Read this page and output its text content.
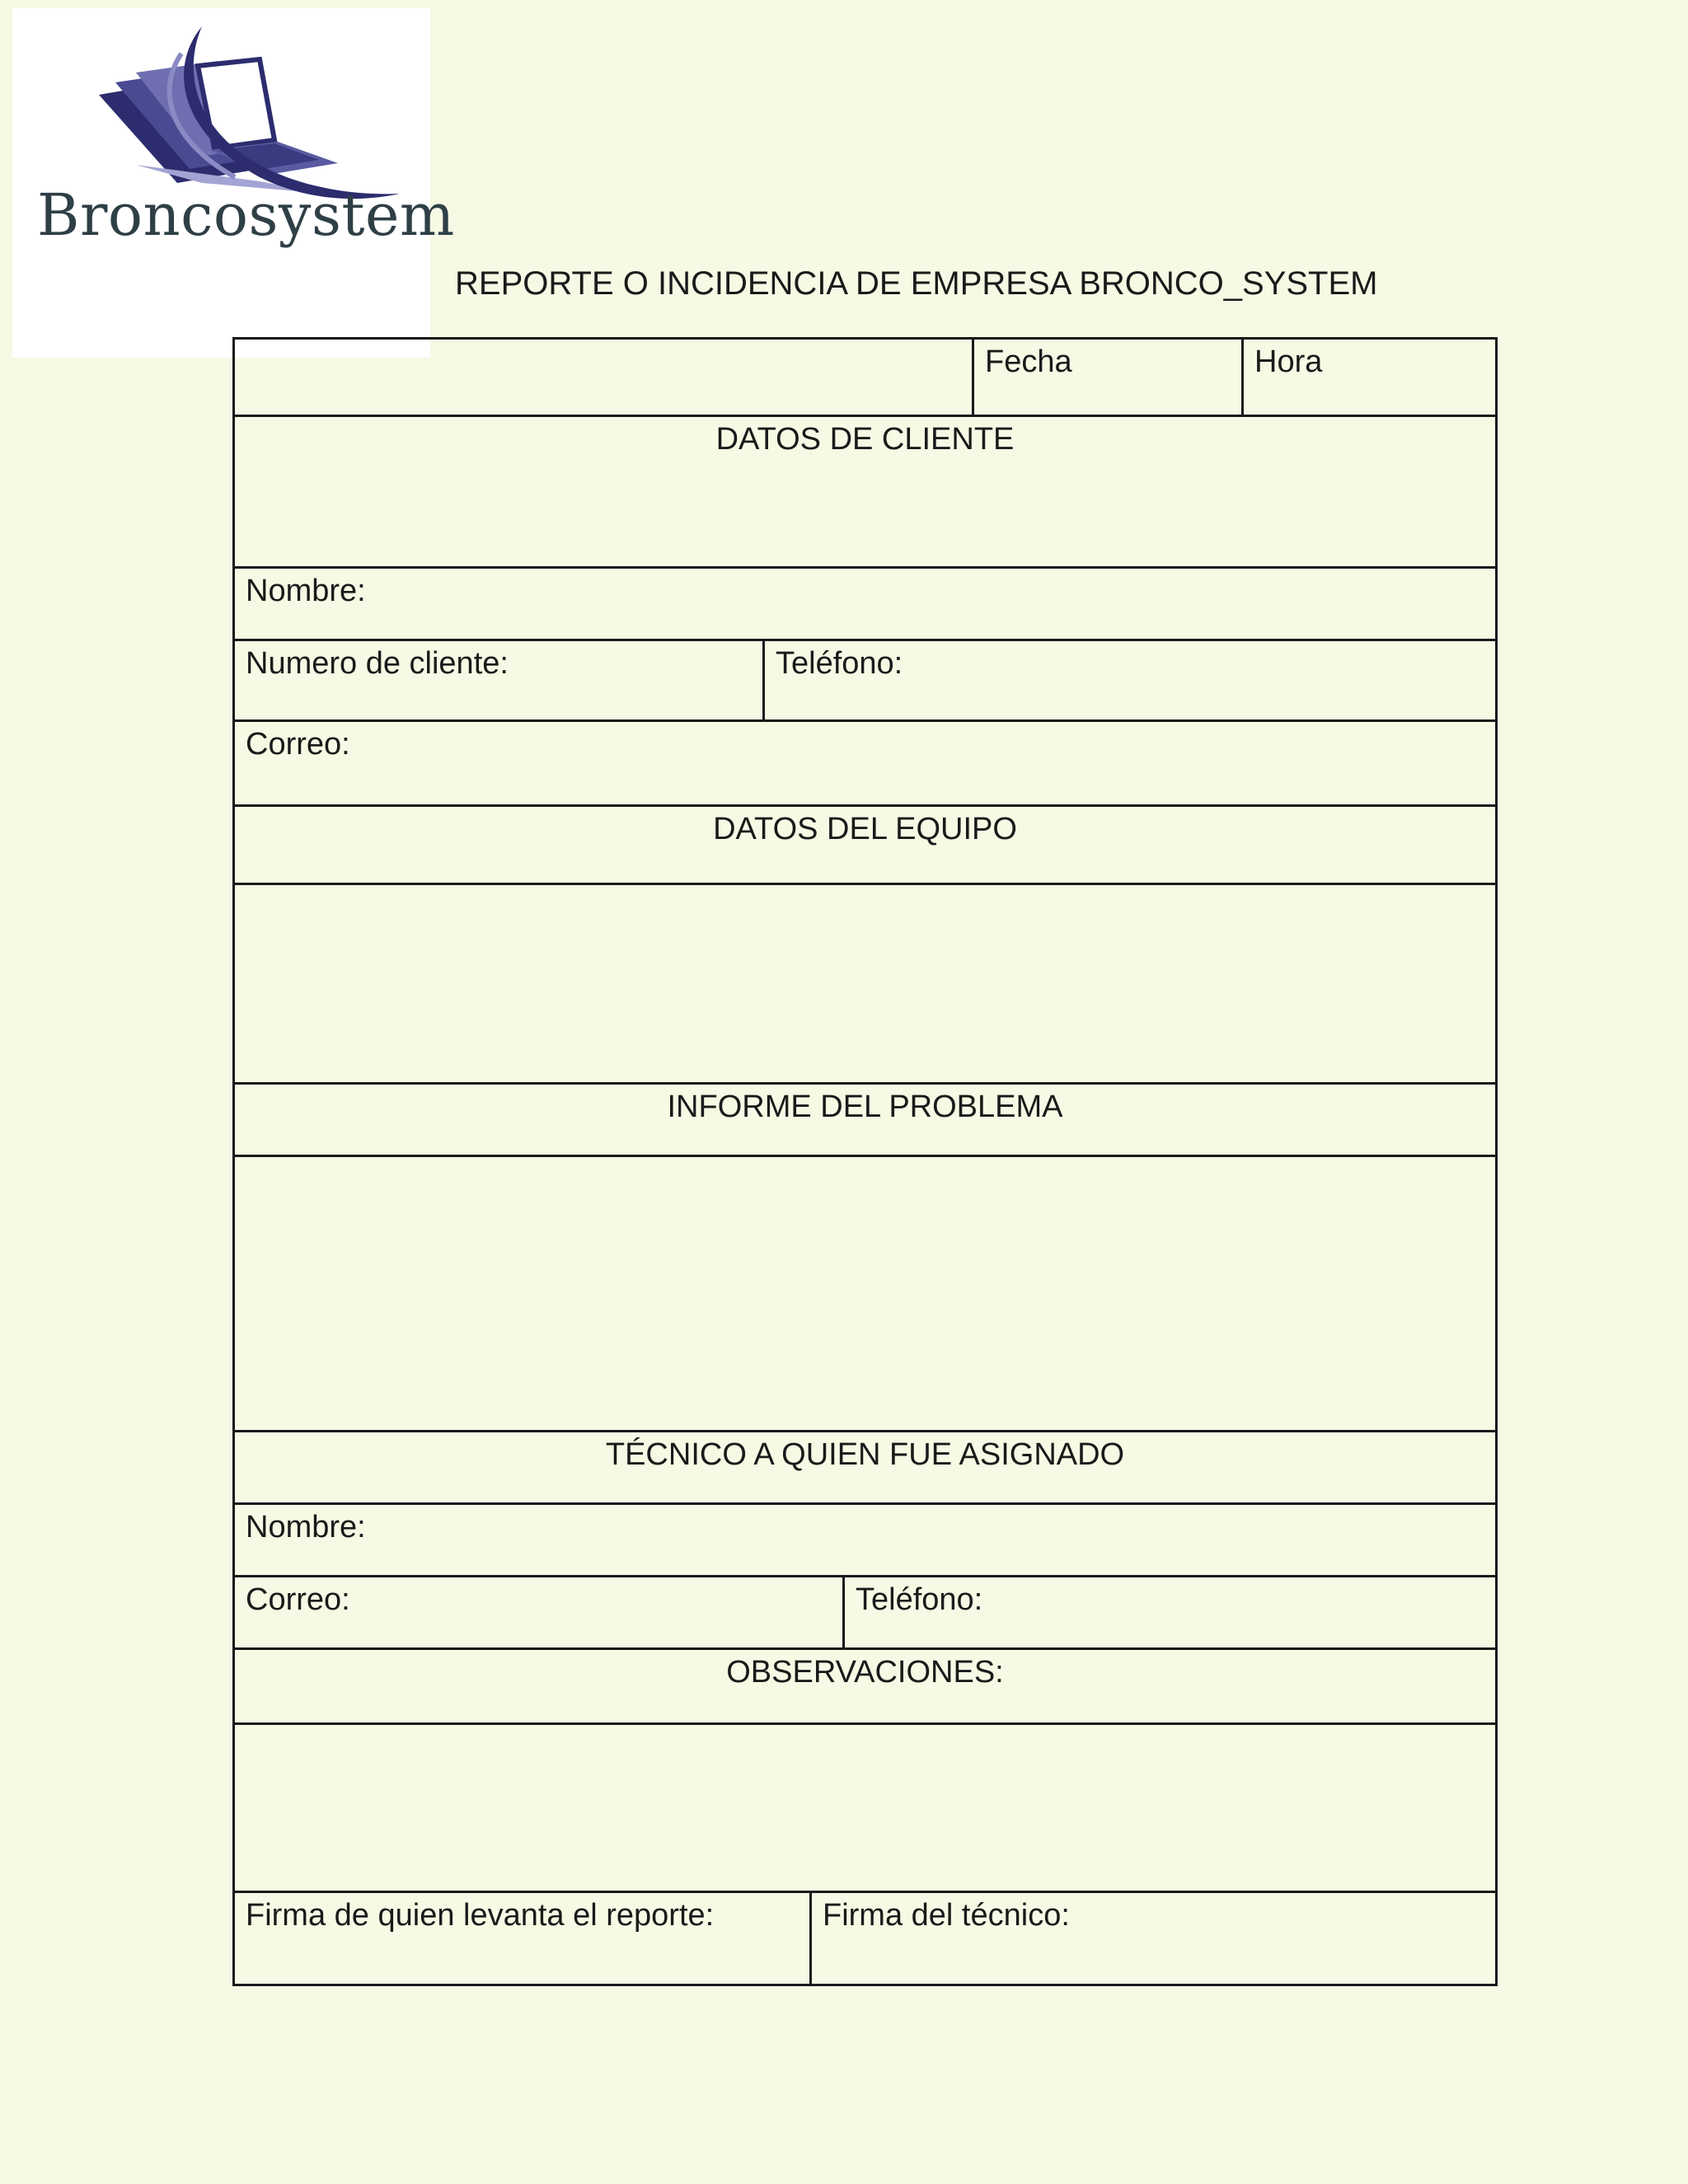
Broncosystem
REPORTE O INCIDENCIA DE EMPRESA BRONCO_SYSTEM

				Fecha	Hora

DATOS DE CLIENTE					

Nombre:					

Numero de cliente:	Teléfono:				

Correo:					

DATOS DEL EQUIPO					

INFORME DEL PROBLEMA					

TÉCNICO A QUIEN FUE ASIGNADO					

Nombre:					

Correo:			Teléfono:		

OBSERVACIONES:					

Firma de quien levanta el reporte:		Firma del técnico:			
